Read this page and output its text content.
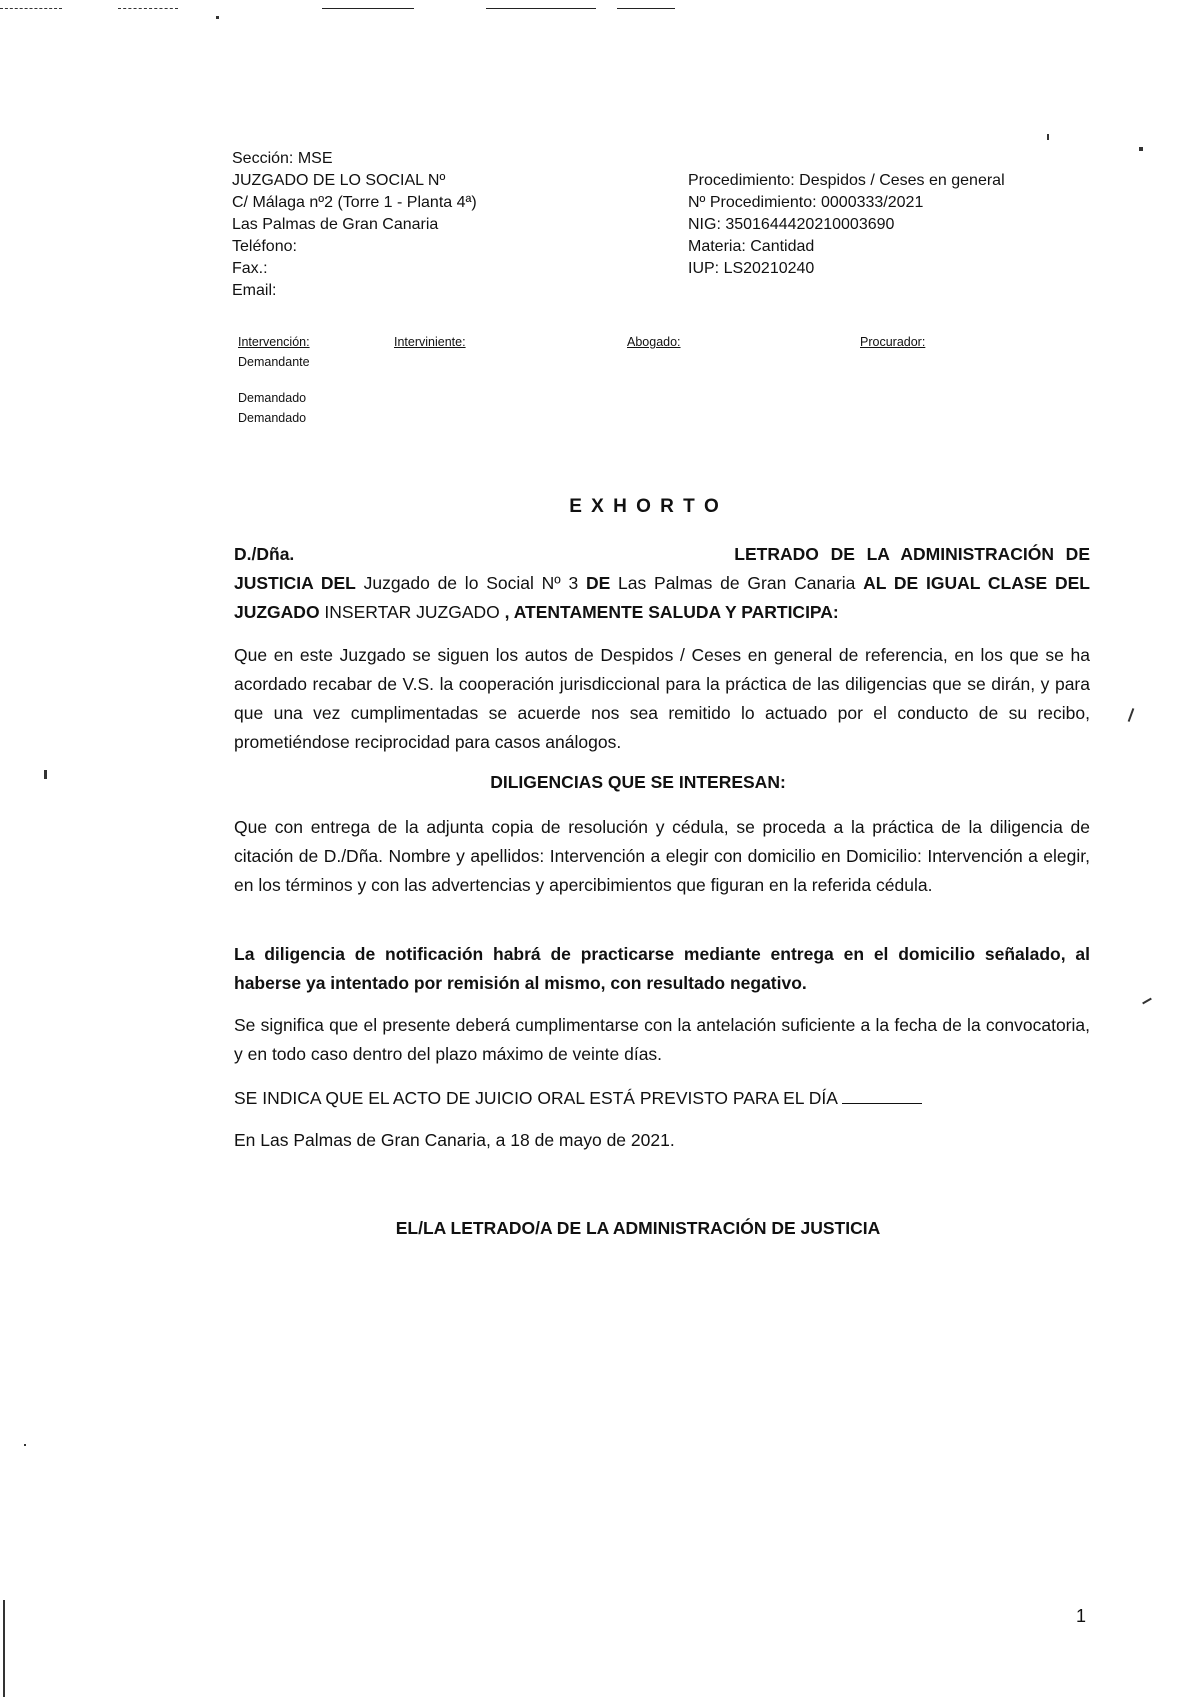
Sección: MSE
JUZGADO DE LO SOCIAL Nº
C/ Málaga nº2 (Torre 1 - Planta 4ª)
Las Palmas de Gran Canaria
Teléfono:
Fax.:
Email:
Procedimiento: Despidos / Ceses en general
Nº Procedimiento: 0000333/2021
NIG: 3501644420210003690
Materia: Cantidad
IUP: LS20210240
Intervención:	Interviniente:	Abogado:	Procurador:
Demandante
Demandado
Demandado
E X H O R T O
D./Dña.	LETRADO DE LA ADMINISTRACIÓN DE JUSTICIA DEL Juzgado de lo Social Nº 3 DE Las Palmas de Gran Canaria AL DE IGUAL CLASE DEL JUZGADO INSERTAR JUZGADO , ATENTAMENTE SALUDA Y PARTICIPA:
Que en este Juzgado se siguen los autos de Despidos / Ceses en general de referencia, en los que se ha acordado recabar de V.S. la cooperación jurisdiccional para la práctica de las diligencias que se dirán, y para que una vez cumplimentadas se acuerde nos sea remitido lo actuado por el conducto de su recibo, prometiéndose reciprocidad para casos análogos.
DILIGENCIAS QUE SE INTERESAN:
Que con entrega de la adjunta copia de resolución y cédula, se proceda a la práctica de la diligencia de citación de D./Dña. Nombre y apellidos: Intervención a elegir con domicilio en Domicilio: Intervención a elegir, en los términos y con las advertencias y apercibimientos que figuran en la referida cédula.
La diligencia de notificación habrá de practicarse mediante entrega en el domicilio señalado, al haberse ya intentado por remisión al mismo, con resultado negativo.
Se significa que el presente deberá cumplimentarse con la antelación suficiente a la fecha de la convocatoria, y en todo caso dentro del plazo máximo de veinte días.
SE INDICA QUE EL ACTO DE JUICIO ORAL ESTÁ PREVISTO PARA EL DÍA
En Las Palmas de Gran Canaria, a 18 de mayo de 2021.
EL/LA LETRADO/A DE LA ADMINISTRACIÓN DE JUSTICIA
1
